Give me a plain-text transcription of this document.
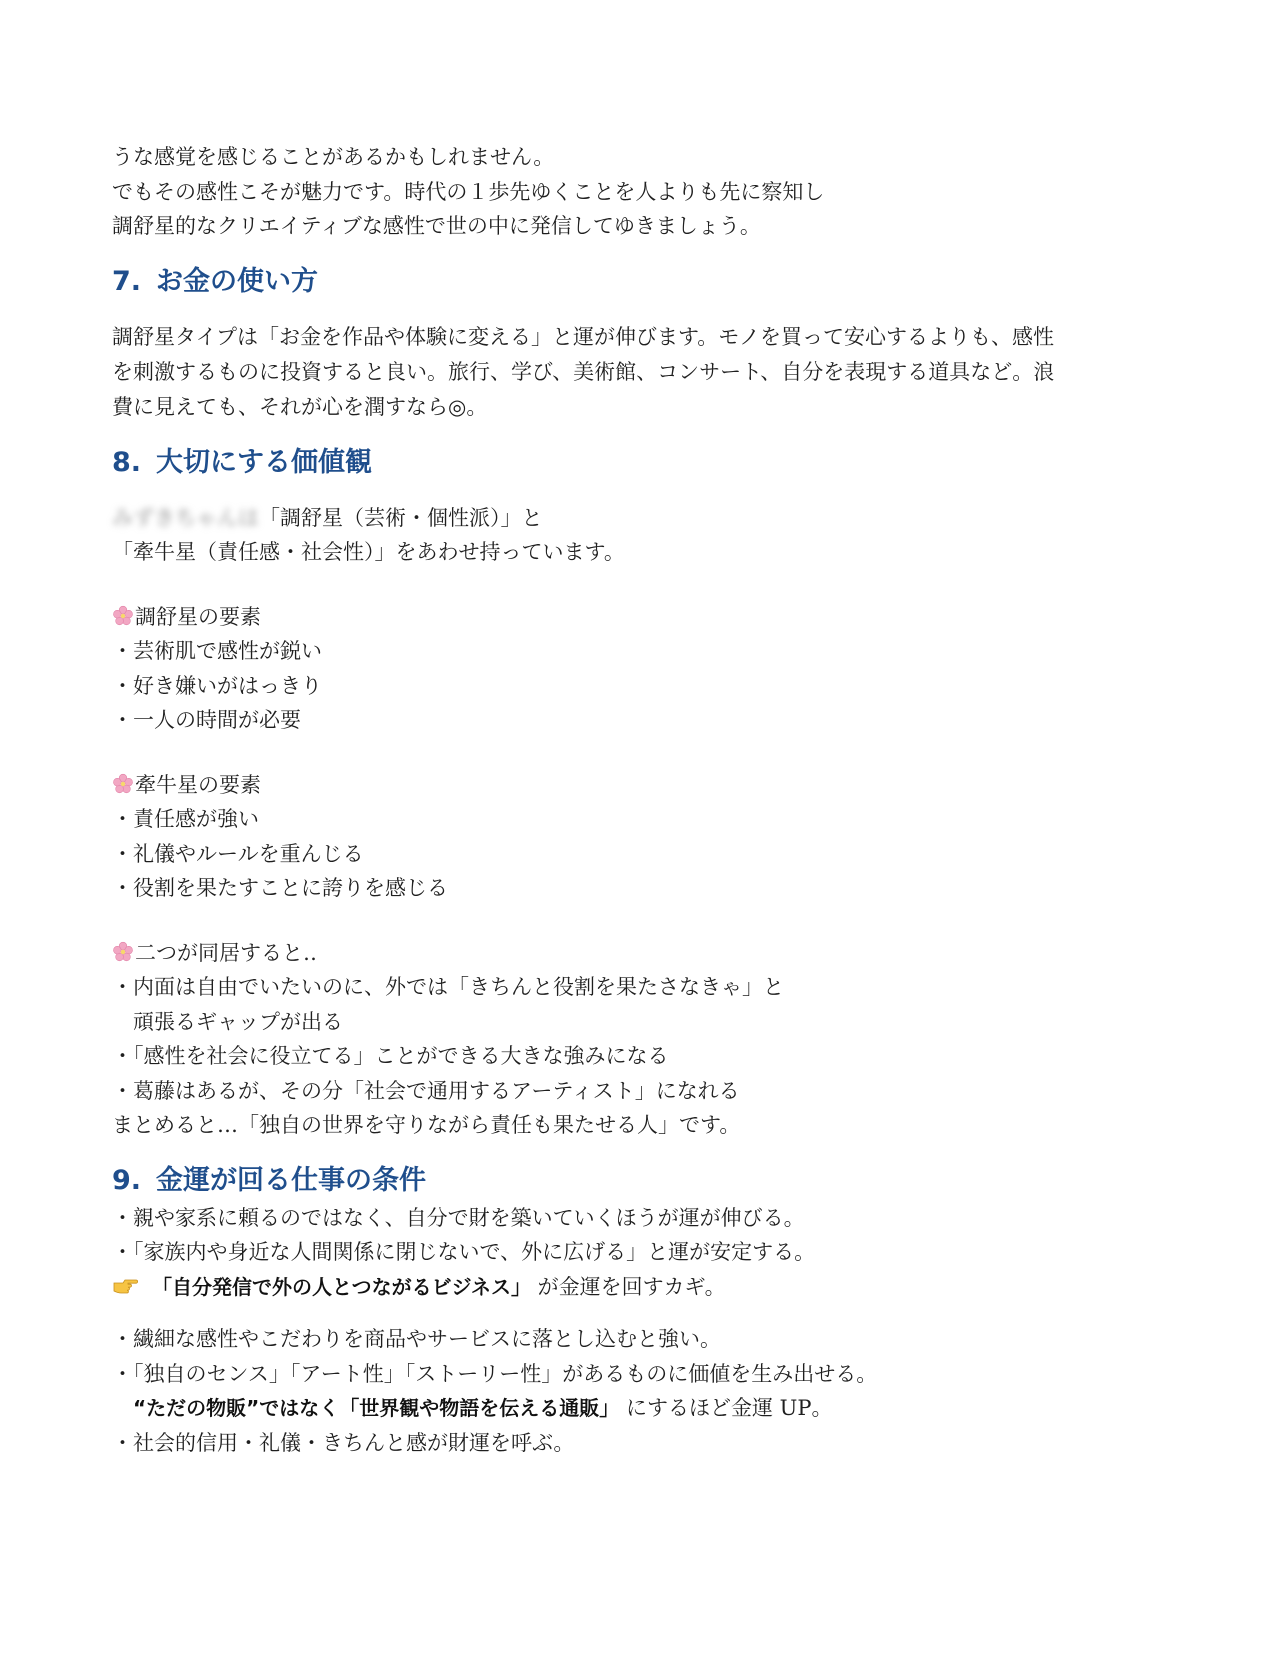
うな感覚を感じることがあるかもしれません。

でもその感性こそが魅力です。時代の１歩先ゆくことを人よりも先に察知し

調舒星的なクリエイティブな感性で世の中に発信してゆきましょう。

7. お金の使い方

調舒星タイプは「お金を作品や体験に変える」と運が伸びます。モノを買って安心するよりも、感性

を刺激するものに投資すると良い。旅行、学び、美術館、コンサート、自分を表現する道具など。浪

費に見えても、それが心を潤すなら◎。

8. 大切にする価値観

みずきちゃんは「調舒星（芸術・個性派）」と

「牽牛星（責任感・社会性）」をあわせ持っています。

調舒星の要素

・芸術肌で感性が鋭い

・好き嫌いがはっきり

・一人の時間が必要

牽牛星の要素

・責任感が強い

・礼儀やルールを重んじる

・役割を果たすことに誇りを感じる

二つが同居すると‥

・内面は自由でいたいのに、外では「きちんと役割を果たさなきゃ」と

頑張るギャップが出る

・「感性を社会に役立てる」ことができる大きな強みになる

・葛藤はあるが、その分「社会で通用するアーティスト」になれる

まとめると…「独自の世界を守りながら責任も果たせる人」です。

9. 金運が回る仕事の条件

・親や家系に頼るのではなく、自分で財を築いていくほうが運が伸びる。

・「家族内や身近な人間関係に閉じないで、外に広げる」と運が安定する。

「自分発信で外の人とつながるビジネス」 が金運を回すカギ。

・繊細な感性やこだわりを商品やサービスに落とし込むと強い。

・「独自のセンス」「アート性」「ストーリー性」があるものに価値を生み出せる。

“ただの物販”ではなく「世界観や物語を伝える通販」 にするほど金運 UP。

・社会的信用・礼儀・きちんと感が財運を呼ぶ。
